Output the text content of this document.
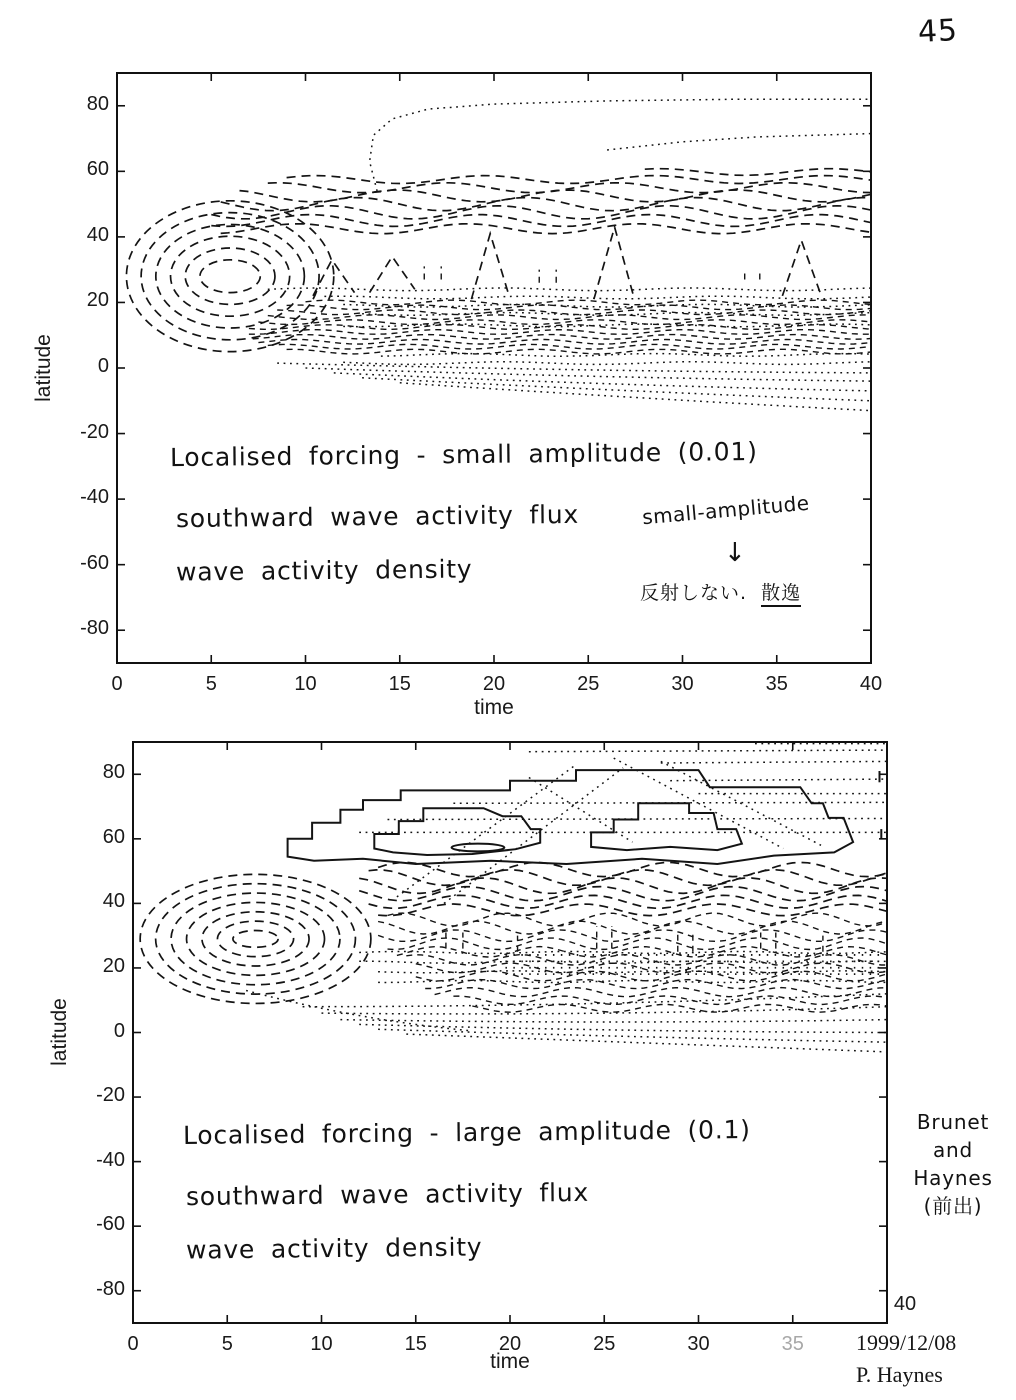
45
time
latitude
time
latitude
Localised forcing - small amplitude (0.01)
southward wave activity flux
wave activity density
small-amplitude
↓
反射しない. 散逸
Localised forcing - large amplitude (0.1)
southward wave activity flux
wave activity density
Brunet
and
Haynes
(前出)
1999/12/08
P. Haynes
0	5	10	15	20	25	30	35	40
80
60
40
20
0
-20
-40
-60
-80
0	5	10	15	20	25	30	35
40
80
60
40
20
0
-20
-40
-60
-80
